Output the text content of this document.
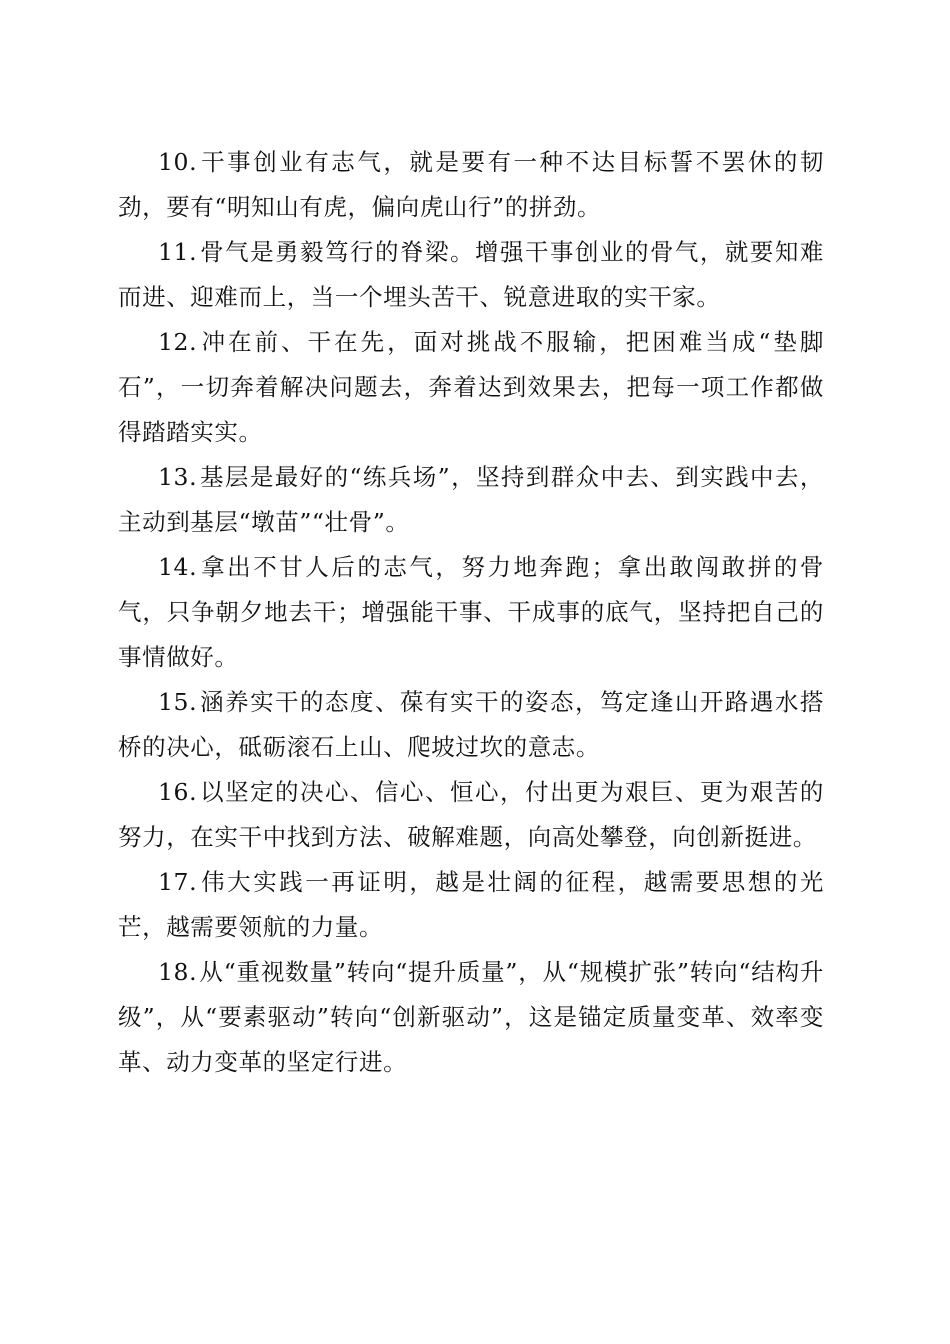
10.干事创业有志气，就是要有一种不达目标誓不罢休的韧劲，要有“明知山有虎，偏向虎山行”的拼劲。

11.骨气是勇毅笃行的脊梁。增强干事创业的骨气，就要知难而进、迎难而上，当一个埋头苦干、锐意进取的实干家。

12.冲在前、干在先，面对挑战不服输，把困难当成“垫脚石”，一切奔着解决问题去，奔着达到效果去，把每一项工作都做得踏踏实实。

13.基层是最好的“练兵场”，坚持到群众中去、到实践中去，主动到基层“墩苗”“壮骨”。

14.拿出不甘人后的志气，努力地奔跑；拿出敢闯敢拼的骨气，只争朝夕地去干；增强能干事、干成事的底气，坚持把自己的事情做好。

15.涵养实干的态度、葆有实干的姿态，笃定逢山开路遇水搭桥的决心，砥砺滚石上山、爬坡过坎的意志。

16.以坚定的决心、信心、恒心，付出更为艰巨、更为艰苦的努力，在实干中找到方法、破解难题，向高处攀登，向创新挺进。

17.伟大实践一再证明，越是壮阔的征程，越需要思想的光芒，越需要领航的力量。

18.从“重视数量”转向“提升质量”，从“规模扩张”转向“结构升级”，从“要素驱动”转向“创新驱动”，这是锚定质量变革、效率变革、动力变革的坚定行进。
